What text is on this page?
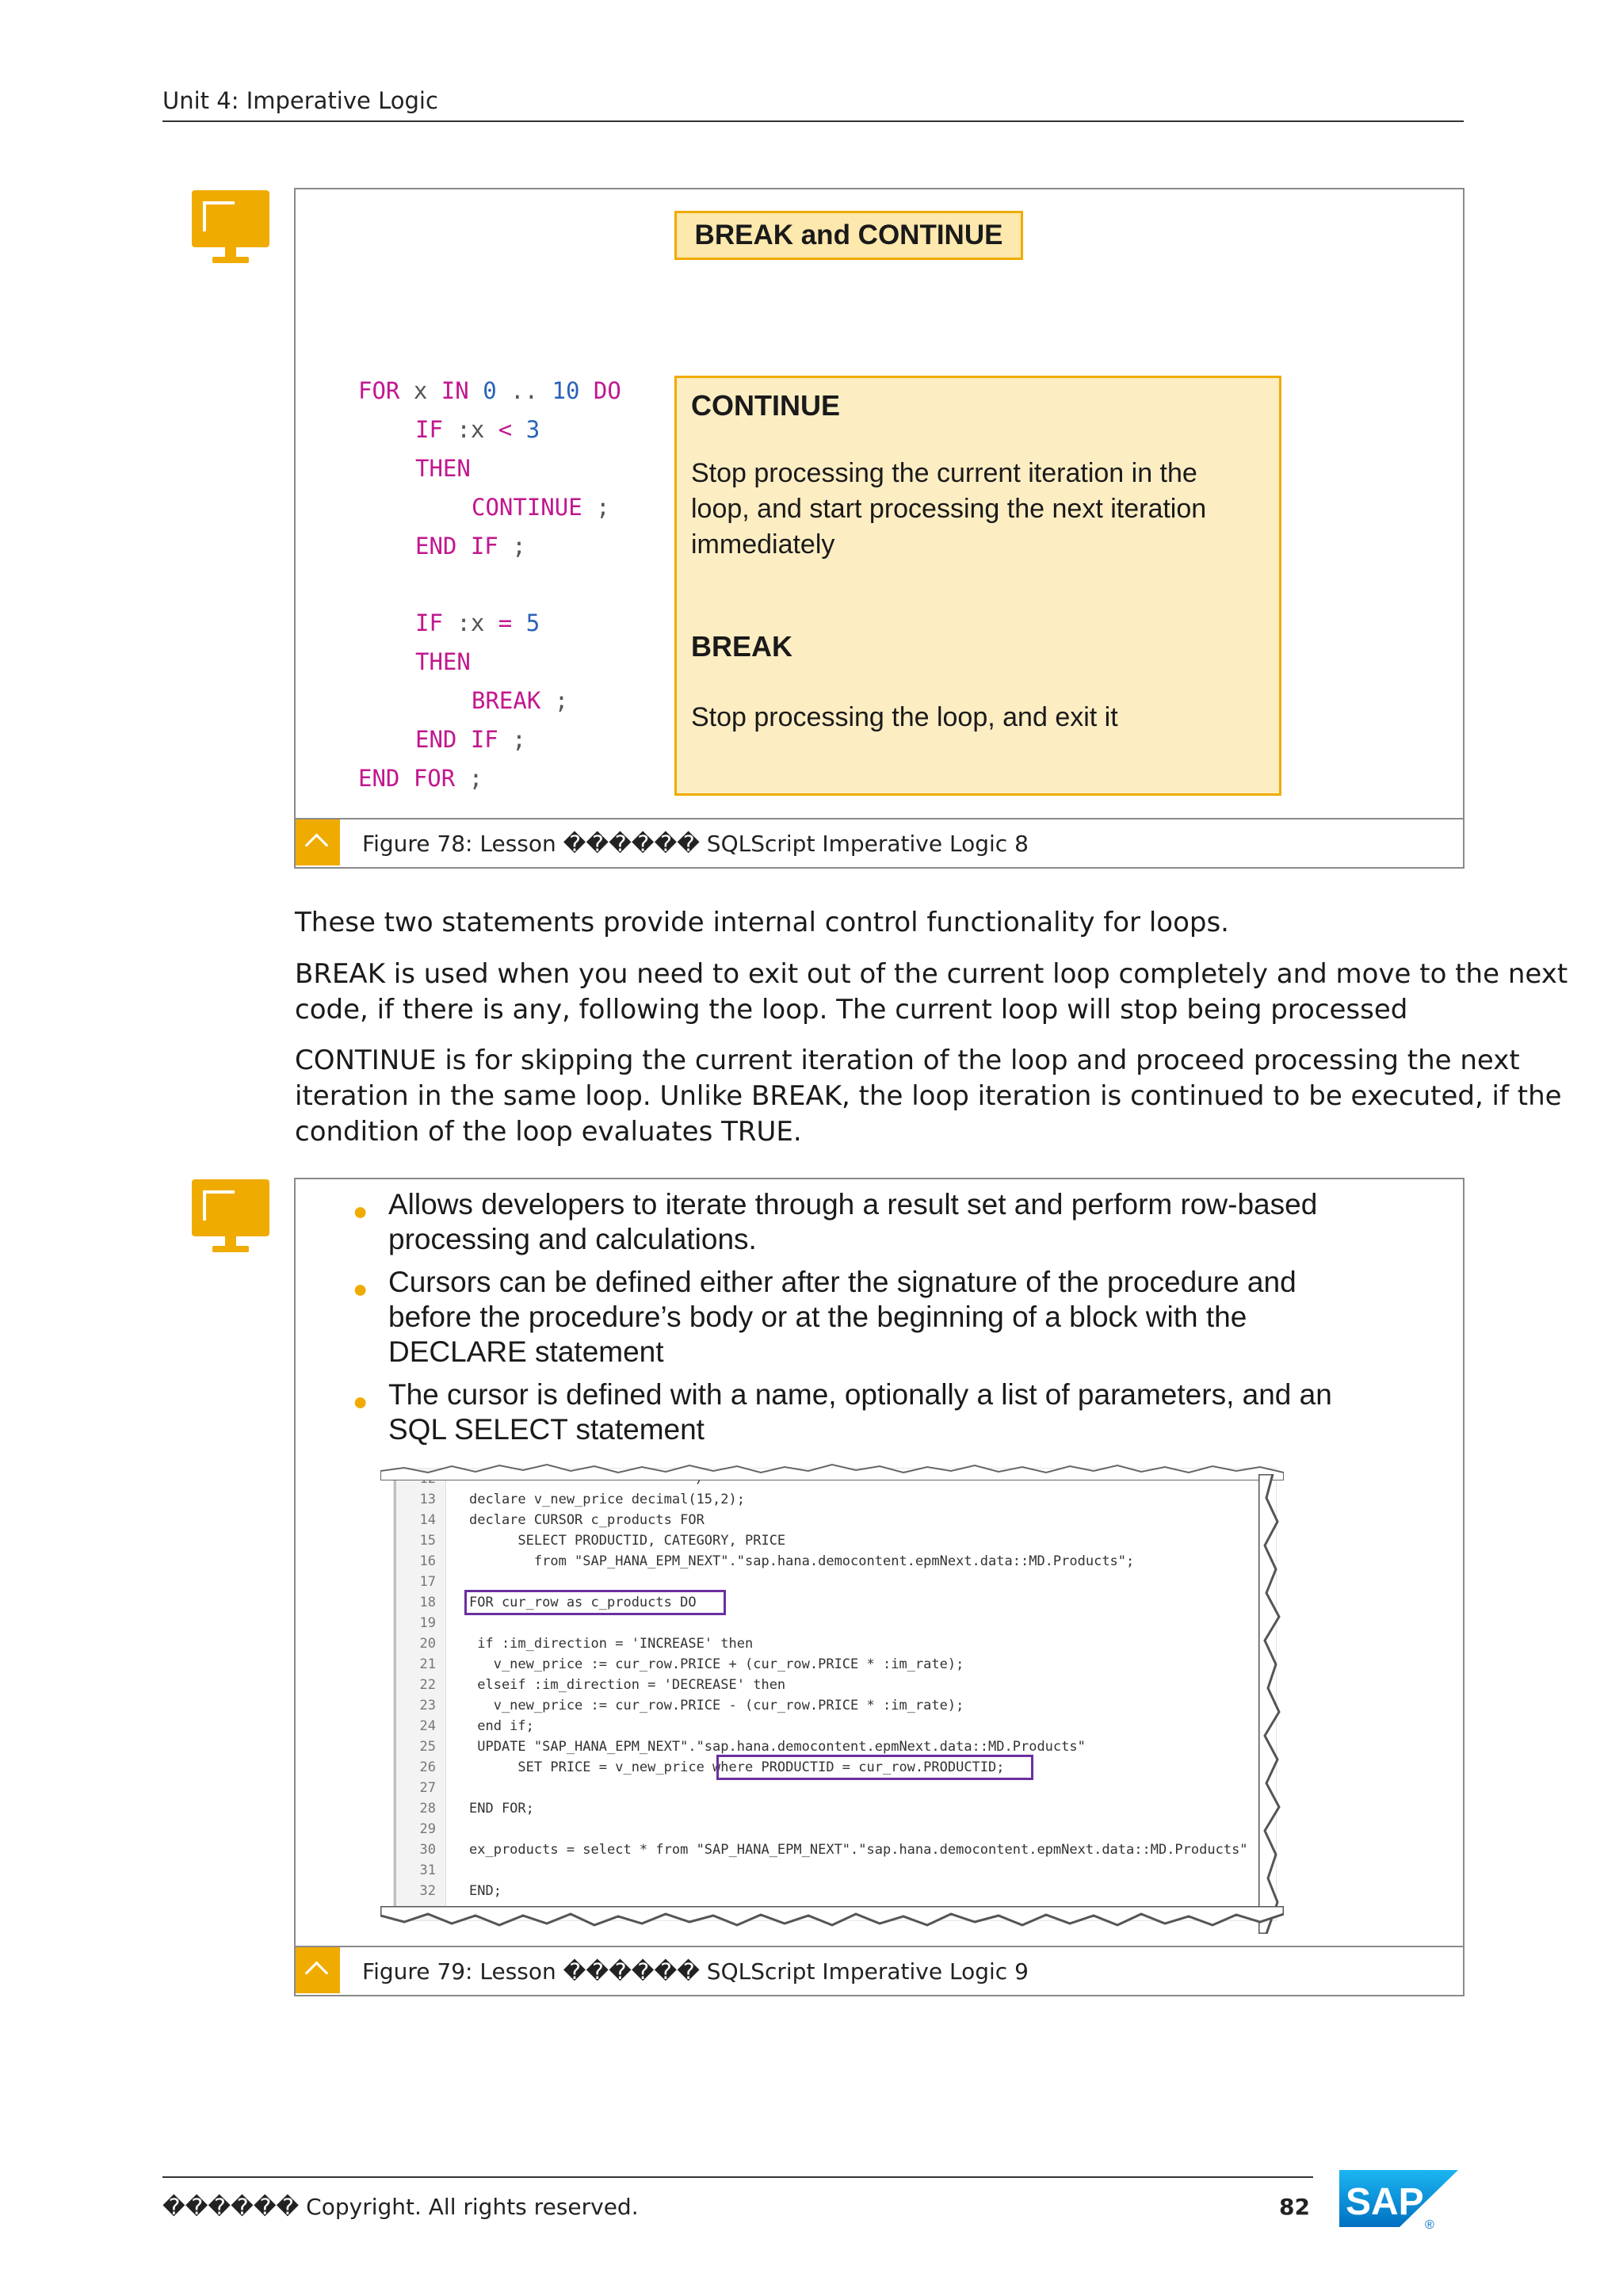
Unit 4: Imperative Logic
Figure 78: Lesson ������ SQLScript Imperative Logic 8
BREAK and CONTINUE
FOR x IN 0 .. 10 DO
IF :x < 3
THEN
CONTINUE ;
END IF ;
IF :x = 5
THEN
BREAK ;
END IF ;
END FOR ;
CONTINUE
Stop processing the current iteration in the loop, and start processing the next iteration immediately
BREAK
Stop processing the loop, and exit it
These two statements provide internal control functionality for loops.
BREAK is used when you need to exit out of the current loop completely and move to the next
code, if there is any, following the loop. The current loop will stop being processed
CONTINUE is for skipping the current iteration of the loop and proceed processing the next
iteration in the same loop. Unlike BREAK, the loop iteration is continued to be executed, if the
condition of the loop evaluates TRUE.
Figure 79: Lesson ������ SQLScript Imperative Logic 9
● Allows developers to iterate through a result set and perform row-based processing and calculations.
● Cursors can be defined either after the signature of the procedure and before the procedure’s body or at the beginning of a block with the DECLARE statement
● The cursor is defined with a name, optionally a list of parameters, and an SQL SELECT statement
13 declare v_new_price decimal(15,2);
14 declare CURSOR c_products FOR
15 SELECT PRODUCTID, CATEGORY, PRICE
16 from "SAP_HANA_EPM_NEXT"."sap.hana.democontent.epmNext.data::MD.Products";
17
18 FOR cur_row as c_products DO
19
20 if :im_direction = 'INCREASE' then
21 v_new_price := cur_row.PRICE + (cur_row.PRICE * :im_rate);
22 elseif :im_direction = 'DECREASE' then
23 v_new_price := cur_row.PRICE - (cur_row.PRICE * :im_rate);
24 end if;
25 UPDATE "SAP_HANA_EPM_NEXT"."sap.hana.democontent.epmNext.data::MD.Products"
26 SET PRICE = v_new_price where PRODUCTID = cur_row.PRODUCTID;
27
28 END FOR;
29
30 ex_products = select * from "SAP_HANA_EPM_NEXT"."sap.hana.democontent.epmNext.data::MD.Products"
31
32 END;
������ Copyright. All rights reserved.	82 SAP
®
